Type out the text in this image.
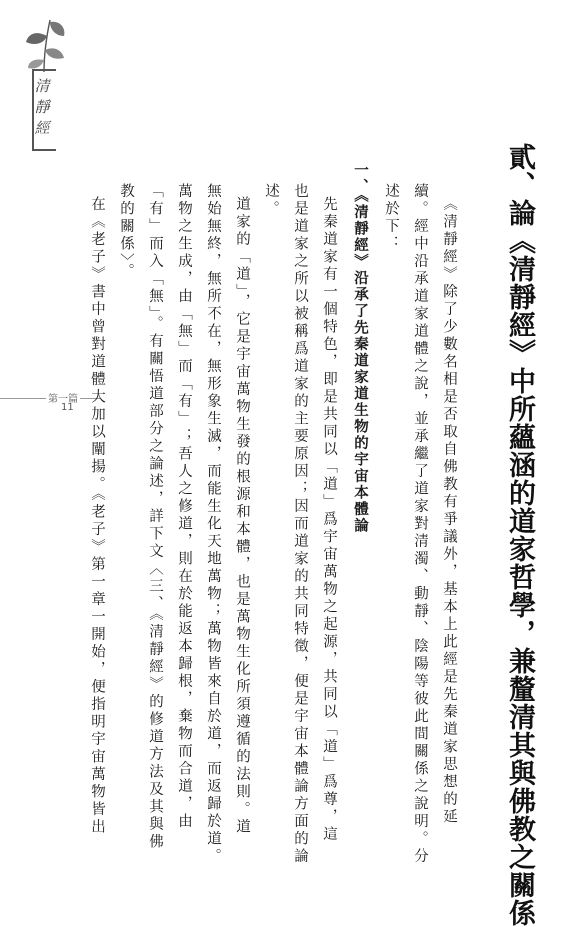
清
靜
經
第一篇
11	貳、論《清靜經》中所蘊涵的道家哲學，兼釐清其與佛教之關係
《清靜經》除了少數名相是否取自佛教有爭議外，基本上此經是先秦道家思想的延
續。經中沿承道家道體之說，並承繼了道家對清濁、動靜、陰陽等彼此間關係之說明。分
述於下：
一、《清靜經》沿承了先秦道家道生物的宇宙本體論
先秦道家有一個特色，即是共同以「道」爲宇宙萬物之起源，共同以「道」爲尊，這
也是道家之所以被稱爲道家的主要原因；因而道家的共同特徵，便是宇宙本體論方面的論
述。
道家的「道」，它是宇宙萬物生發的根源和本體，也是萬物生化所須遵循的法則。道
無始無終，無所不在，無形象生滅，而能生化天地萬物；萬物皆來自於道，而返歸於道。
萬物之生成，由「無」而「有」；吾人之修道，則在於能返本歸根，棄物而合道，由
「有」而入「無」。有關悟道部分之論述，詳下文〈三、《清靜經》的修道方法及其與佛
教的關係〉。
在《老子》書中曾對道體大加以闡揚。《老子》第一章一開始，便指明宇宙萬物皆出
